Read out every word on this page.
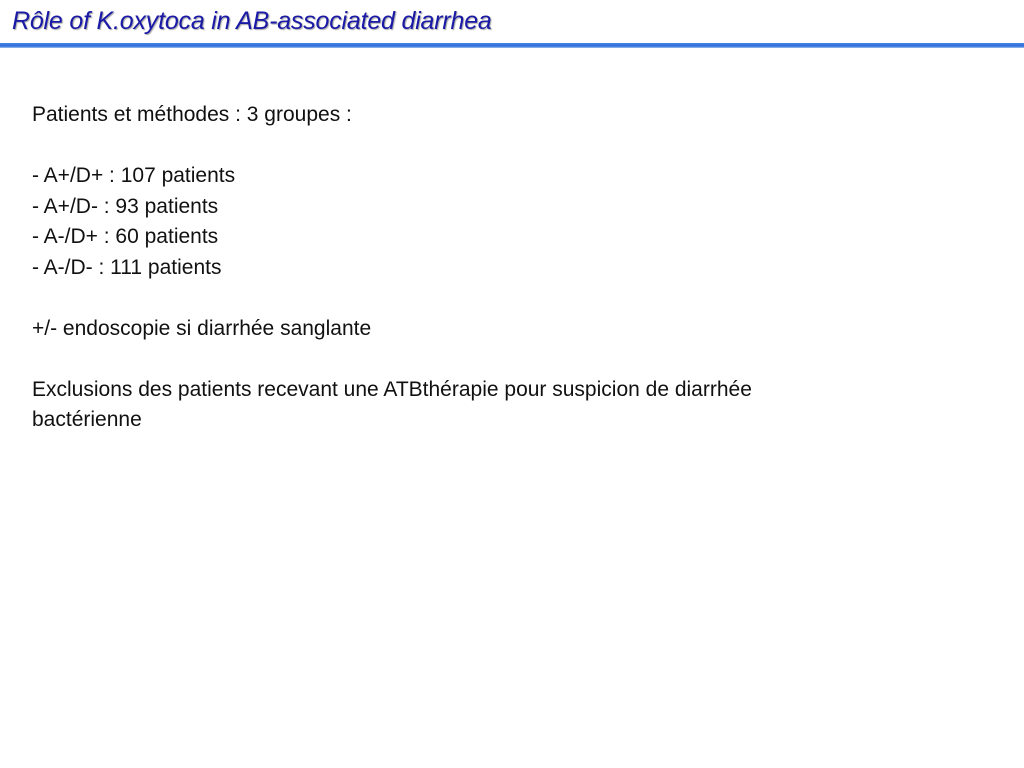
Rôle of K.oxytoca in AB-associated diarrhea

Patients et méthodes : 3 groupes :

- A+/D+ : 107 patients
- A+/D- : 93 patients
- A-/D+ : 60 patients
- A-/D- : 111 patients

+/- endoscopie si diarrhée sanglante

Exclusions des patients recevant une ATBthérapie pour suspicion de diarrhée bactérienne
